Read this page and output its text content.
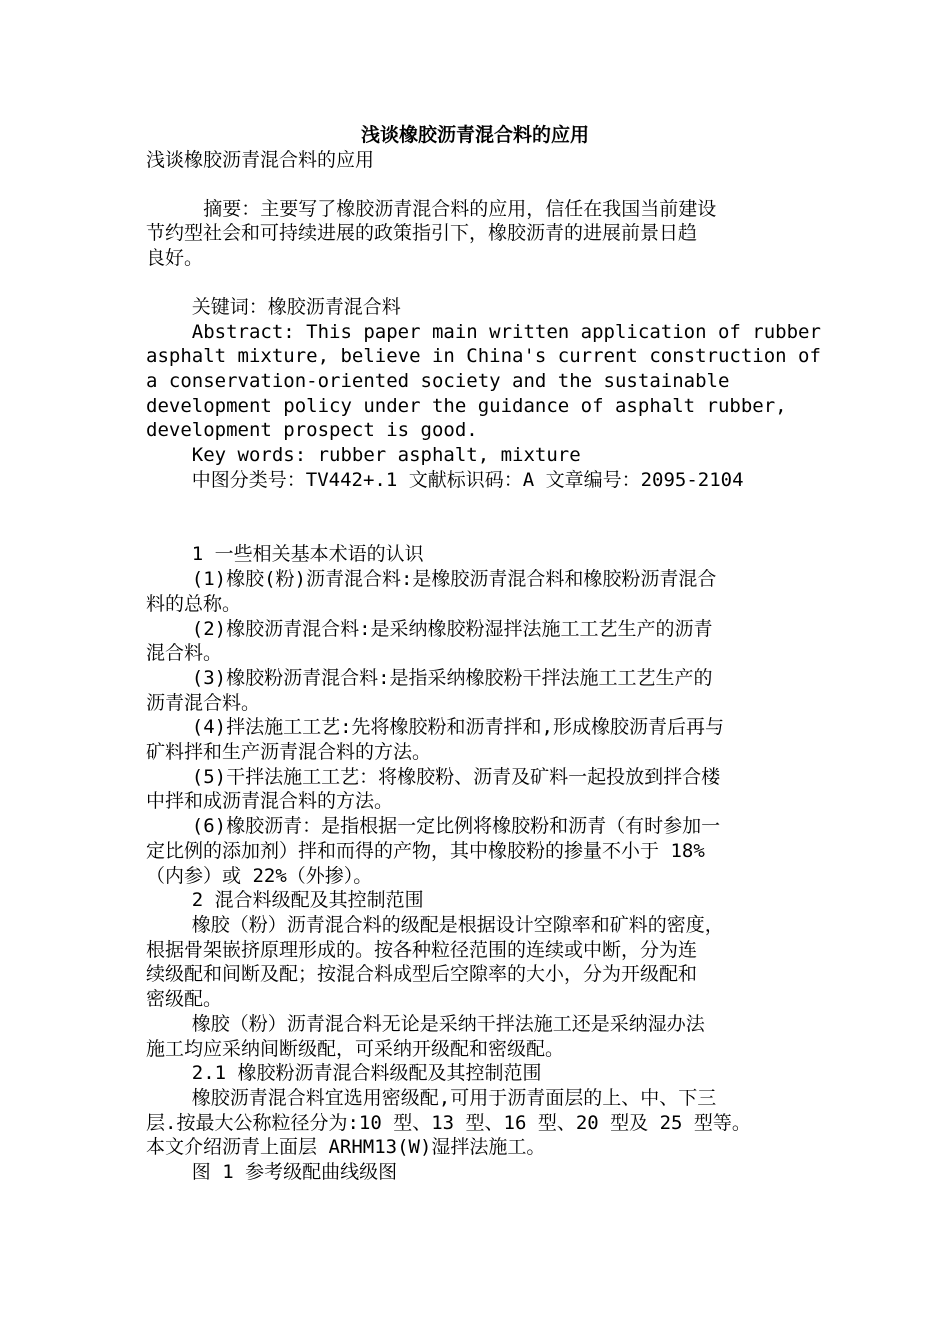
浅谈橡胶沥青混合料的应用

浅谈橡胶沥青混合料的应用

摘要：主要写了橡胶沥青混合料的应用，信任在我国当前建设

节约型社会和可持续进展的政策指引下，橡胶沥青的进展前景日趋

良好。

关键词：橡胶沥青混合料

Abstract: This paper main written application of rubber

asphalt mixture, believe in China's current construction of

a conservation-oriented society and the sustainable

development policy under the guidance of asphalt rubber,

development prospect is good.

Key words: rubber asphalt, mixture

中图分类号：TV442+.1 文献标识码：A 文章编号：2095-2104

1 一些相关基本术语的认识

(1)橡胶(粉)沥青混合料:是橡胶沥青混合料和橡胶粉沥青混合

料的总称。

(2)橡胶沥青混合料:是采纳橡胶粉湿拌法施工工艺生产的沥青

混合料。

(3)橡胶粉沥青混合料:是指采纳橡胶粉干拌法施工工艺生产的

沥青混合料。

(4)拌法施工工艺:先将橡胶粉和沥青拌和,形成橡胶沥青后再与

矿料拌和生产沥青混合料的方法。

(5)干拌法施工工艺：将橡胶粉、沥青及矿料一起投放到拌合楼

中拌和成沥青混合料的方法。

(6)橡胶沥青：是指根据一定比例将橡胶粉和沥青（有时参加一

定比例的添加剂）拌和而得的产物，其中橡胶粉的掺量不小于 18%

（内参）或 22%（外掺）。

2 混合料级配及其控制范围

橡胶（粉）沥青混合料的级配是根据设计空隙率和矿料的密度，

根据骨架嵌挤原理形成的。按各种粒径范围的连续或中断，分为连

续级配和间断及配；按混合料成型后空隙率的大小，分为开级配和

密级配。

橡胶（粉）沥青混合料无论是采纳干拌法施工还是采纳湿办法

施工均应采纳间断级配，可采纳开级配和密级配。

2.1 橡胶粉沥青混合料级配及其控制范围

橡胶沥青混合料宜选用密级配,可用于沥青面层的上、中、下三

层.按最大公称粒径分为:10 型、13 型、16 型、20 型及 25 型等。

本文介绍沥青上面层 ARHM13(W)湿拌法施工。

图 1 参考级配曲线级图
